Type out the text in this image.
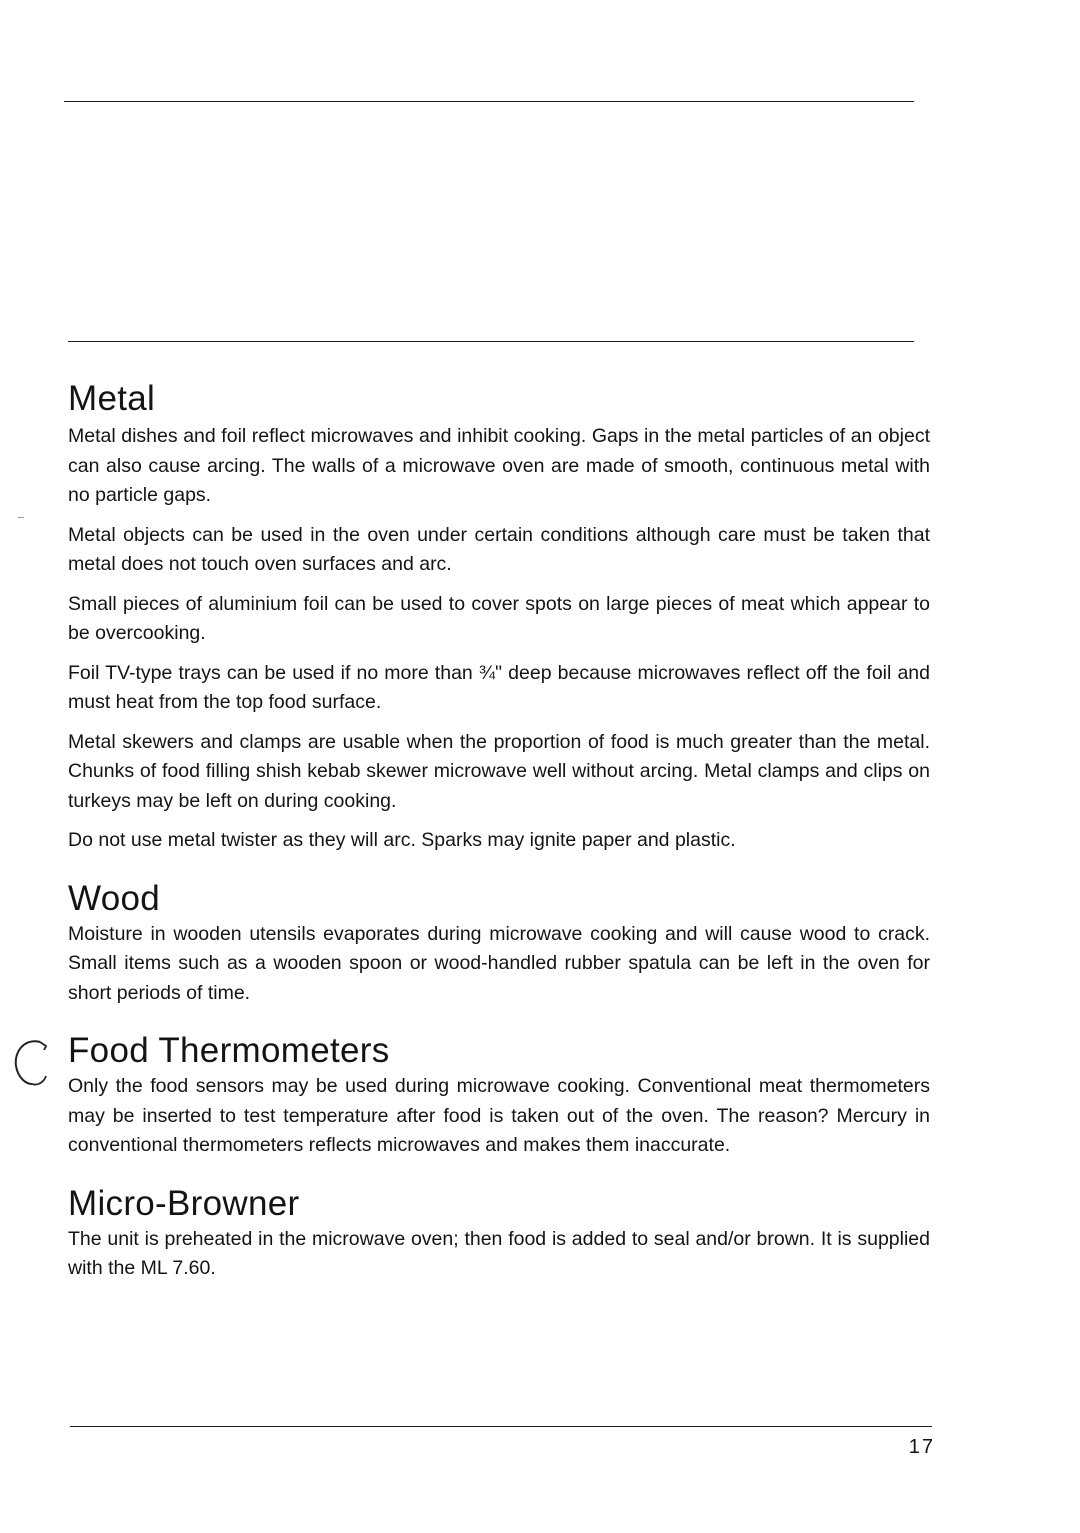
Metal

Metal dishes and foil reflect microwaves and inhibit cooking. Gaps in the metal particles of an object can also cause arcing. The walls of a microwave oven are made of smooth, continuous metal with no particle gaps.

Metal objects can be used in the oven under certain conditions although care must be taken that metal does not touch oven surfaces and arc.

Small pieces of aluminium foil can be used to cover spots on large pieces of meat which appear to be overcooking.

Foil TV-type trays can be used if no more than ¾" deep because microwaves reflect off the foil and must heat from the top food surface.

Metal skewers and clamps are usable when the proportion of food is much greater than the metal. Chunks of food filling shish kebab skewer microwave well without arcing. Metal clamps and clips on turkeys may be left on during cooking.

Do not use metal twister as they will arc. Sparks may ignite paper and plastic.

Wood

Moisture in wooden utensils evaporates during microwave cooking and will cause wood to crack. Small items such as a wooden spoon or wood-handled rubber spatula can be left in the oven for short periods of time.

Food Thermometers

Only the food sensors may be used during microwave cooking. Conventional meat thermometers may be inserted to test temperature after food is taken out of the oven. The reason? Mercury in conventional thermometers reflects microwaves and makes them inaccurate.

Micro-Browner

The unit is preheated in the microwave oven; then food is added to seal and/or brown. It is supplied with the ML 7.60.

17
